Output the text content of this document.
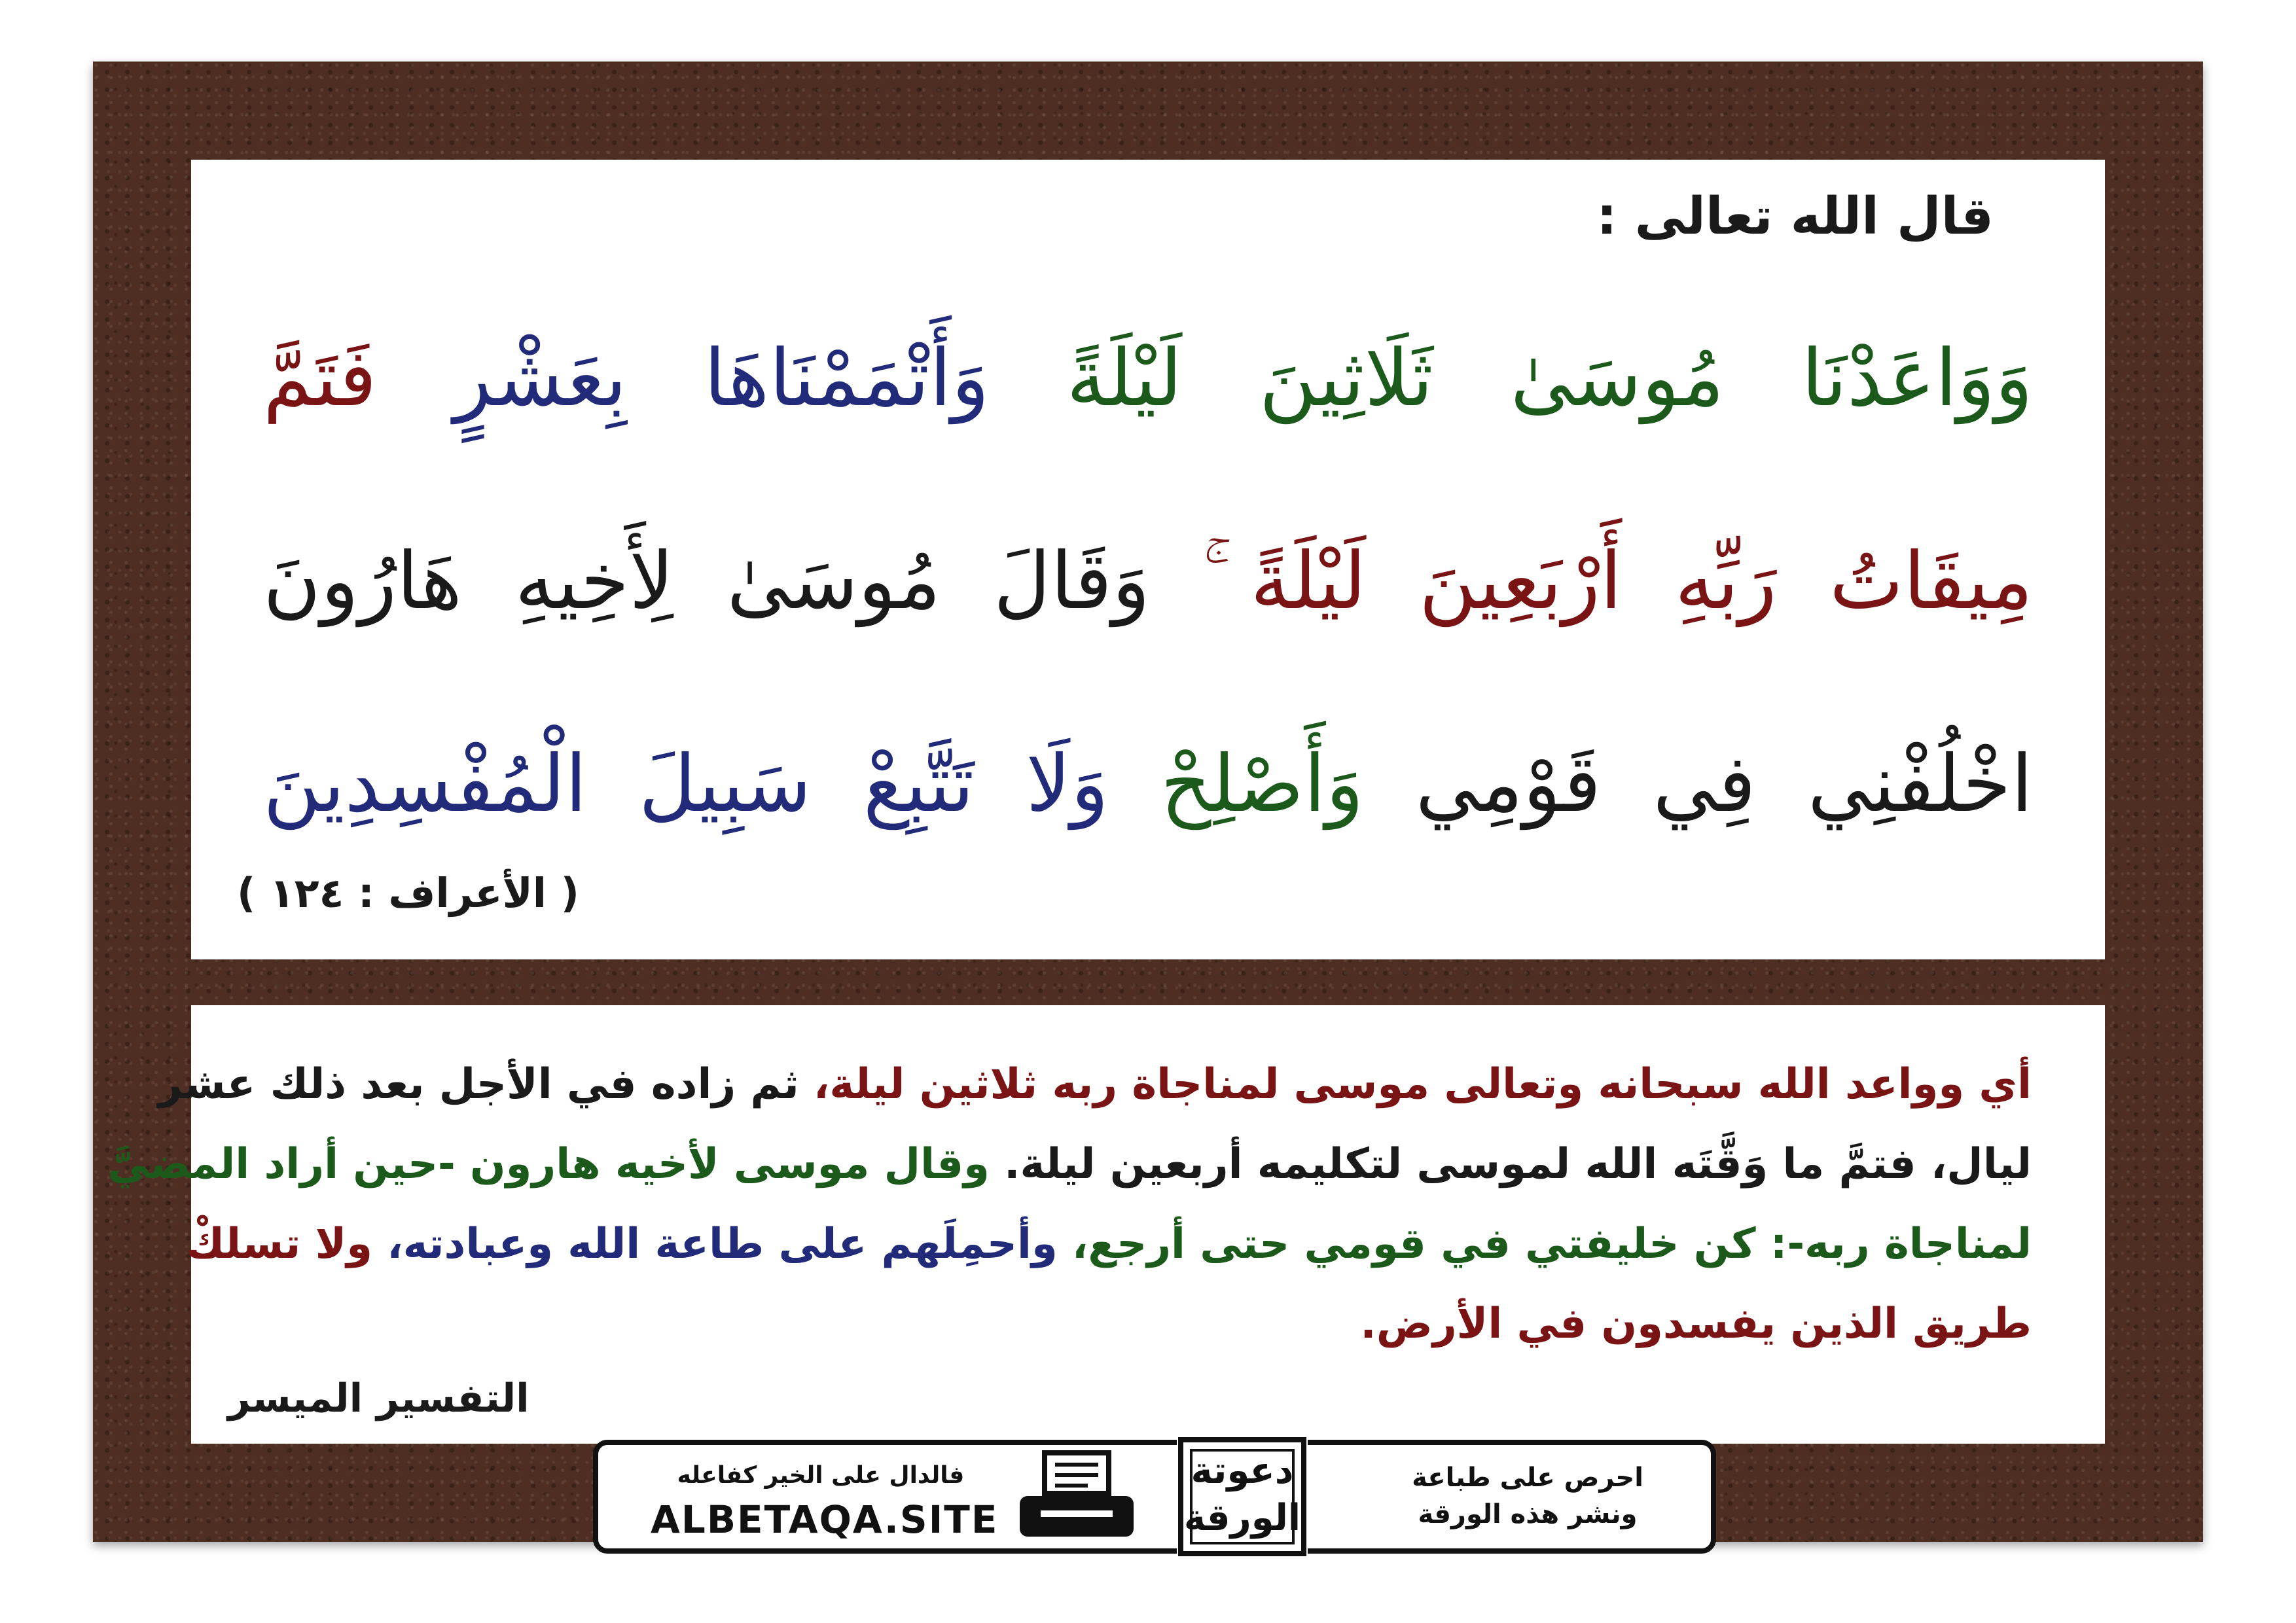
قال الله تعالى :
وَوَاعَدْنَا مُوسَىٰ ثَلَاثِينَ لَيْلَةً وَأَتْمَمْنَاهَا بِعَشْرٍ فَتَمَّ
مِيقَاتُ رَبِّهِ أَرْبَعِينَ لَيْلَةً ۚ وَقَالَ مُوسَىٰ لِأَخِيهِ هَارُونَ
اخْلُفْنِي فِي قَوْمِي وَأَصْلِحْ وَلَا تَتَّبِعْ سَبِيلَ الْمُفْسِدِينَ
( الأعراف : ١٢٤ )
أي وواعد الله سبحانه وتعالى موسى لمناجاة ربه ثلاثين ليلة، ثم زاده في الأجل بعد ذلك عشر
ليال، فتمَّ ما وَقَّتَه الله لموسى لتكليمه أربعين ليلة. وقال موسى لأخيه هارون -حين أراد المضيَّ
لمناجاة ربه-: كن خليفتي في قومي حتى أرجع، وأحمِلَهم على طاعة الله وعبادته، ولا تسلكْ
طريق الذين يفسدون في الأرض.
التفسير الميسر
احرص على طباعة
ونشر هذه الورقة
دعوتة
الورقة
فالدال على الخير كفاعله
ALBETAQA.SITE
